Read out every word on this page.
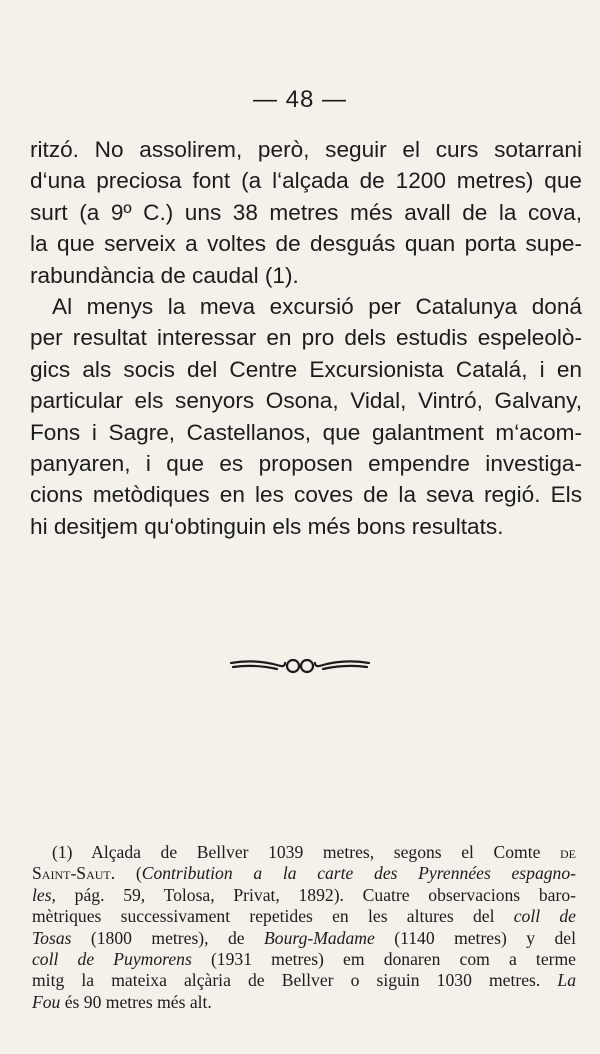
— 48 —
ritzó. No assolirem, però, seguir el curs sotarrani
d‘una preciosa font (a l‘alçada de 1200 metres) que
surt (a 9º C.) uns 38 metres més avall de la cova,
la que serveix a voltes de desguás quan porta supe-
rabundància de caudal (1).
Al menys la meva excursió per Catalunya doná
per resultat interessar en pro dels estudis espeleolò-
gics als socis del Centre Excursionista Catalá, i en
particular els senyors Osona, Vidal, Vintró, Galvany,
Fons i Sagre, Castellanos, que galantment m‘acom-
panyaren, i que es proposen empendre investiga-
cions metòdiques en les coves de la seva regió. Els
hi desitjem qu‘obtinguin els més bons resultats.
(1) Alçada de Bellver 1039 metres, segons el Comte de
Saint-Saut. (Contribution a la carte des Pyrennées espagno-
les, pág. 59, Tolosa, Privat, 1892). Cuatre observacions baro-
mètriques successivament repetides en les altures del coll de
Tosas (1800 metres), de Bourg-Madame (1140 metres) y del
coll de Puymorens (1931 metres) em donaren com a terme
mitg la mateixa alçària de Bellver o siguin 1030 metres. La
Fou és 90 metres més alt.
